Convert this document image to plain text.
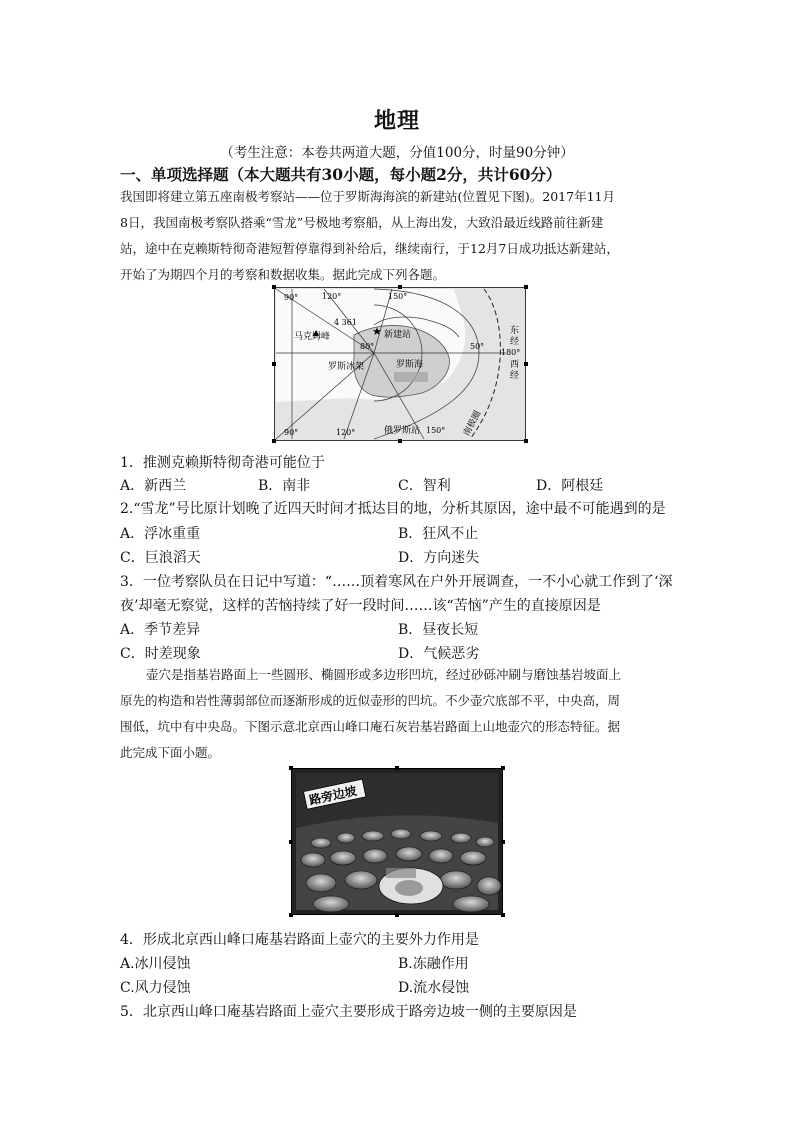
地理
（考生注意：本卷共两道大题，分值100分，时量90分钟）
一、单项选择题（本大题共有30小题，每小题2分，共计60分）
我国即将建立第五座南极考察站——位于罗斯海海滨的新建站(位置见下图)。2017年11月
8日，我国南极考察队搭乘“雪龙”号极地考察船，从上海出发，大致沿最近线路前往新建
站，途中在克赖斯特彻奇港短暂停靠得到补给后，继续南行，于12月7日成功抵达新建站，
开始了为期四个月的考察和数据收集。据此完成下列各题。
★
90°	120°	150°
90°	120°	150°
4 361
马克姆峰	新建站
80°	50°
罗斯冰架	罗斯海
俄罗斯站
东
经
180°
西
经
南极圈
1．推测克赖斯特彻奇港可能位于
A．新西兰	B．南非	C．智利	D．阿根廷
2.“雪龙”号比原计划晚了近四天时间才抵达目的地，分析其原因，途中最不可能遇到的是
A．浮冰重重	B．狂风不止
C．巨浪滔天	D．方向迷失
3．一位考察队员在日记中写道：“……顶着寒风在户外开展调查，一不小心就工作到了‘深
夜’却毫无察觉，这样的苦恼持续了好一段时间……该“苦恼”产生的直接原因是
A．季节差异	B．昼夜长短
C．时差现象	D．气候恶劣
壶穴是指基岩路面上一些圆形、椭圆形或多边形凹坑，经过砂砾冲刷与磨蚀基岩坡面上
原先的构造和岩性薄弱部位而逐渐形成的近似壶形的凹坑。不少壶穴底部不平，中央高，周
围低，坑中有中央岛。下图示意北京西山峰口庵石灰岩基岩路面上山地壶穴的形态特征。据
此完成下面小题。
路旁边坡
4．形成北京西山峰口庵基岩路面上壶穴的主要外力作用是
A.冰川侵蚀	B.冻融作用
C.风力侵蚀	D.流水侵蚀
5．北京西山峰口庵基岩路面上壶穴主要形成于路旁边坡一侧的主要原因是
